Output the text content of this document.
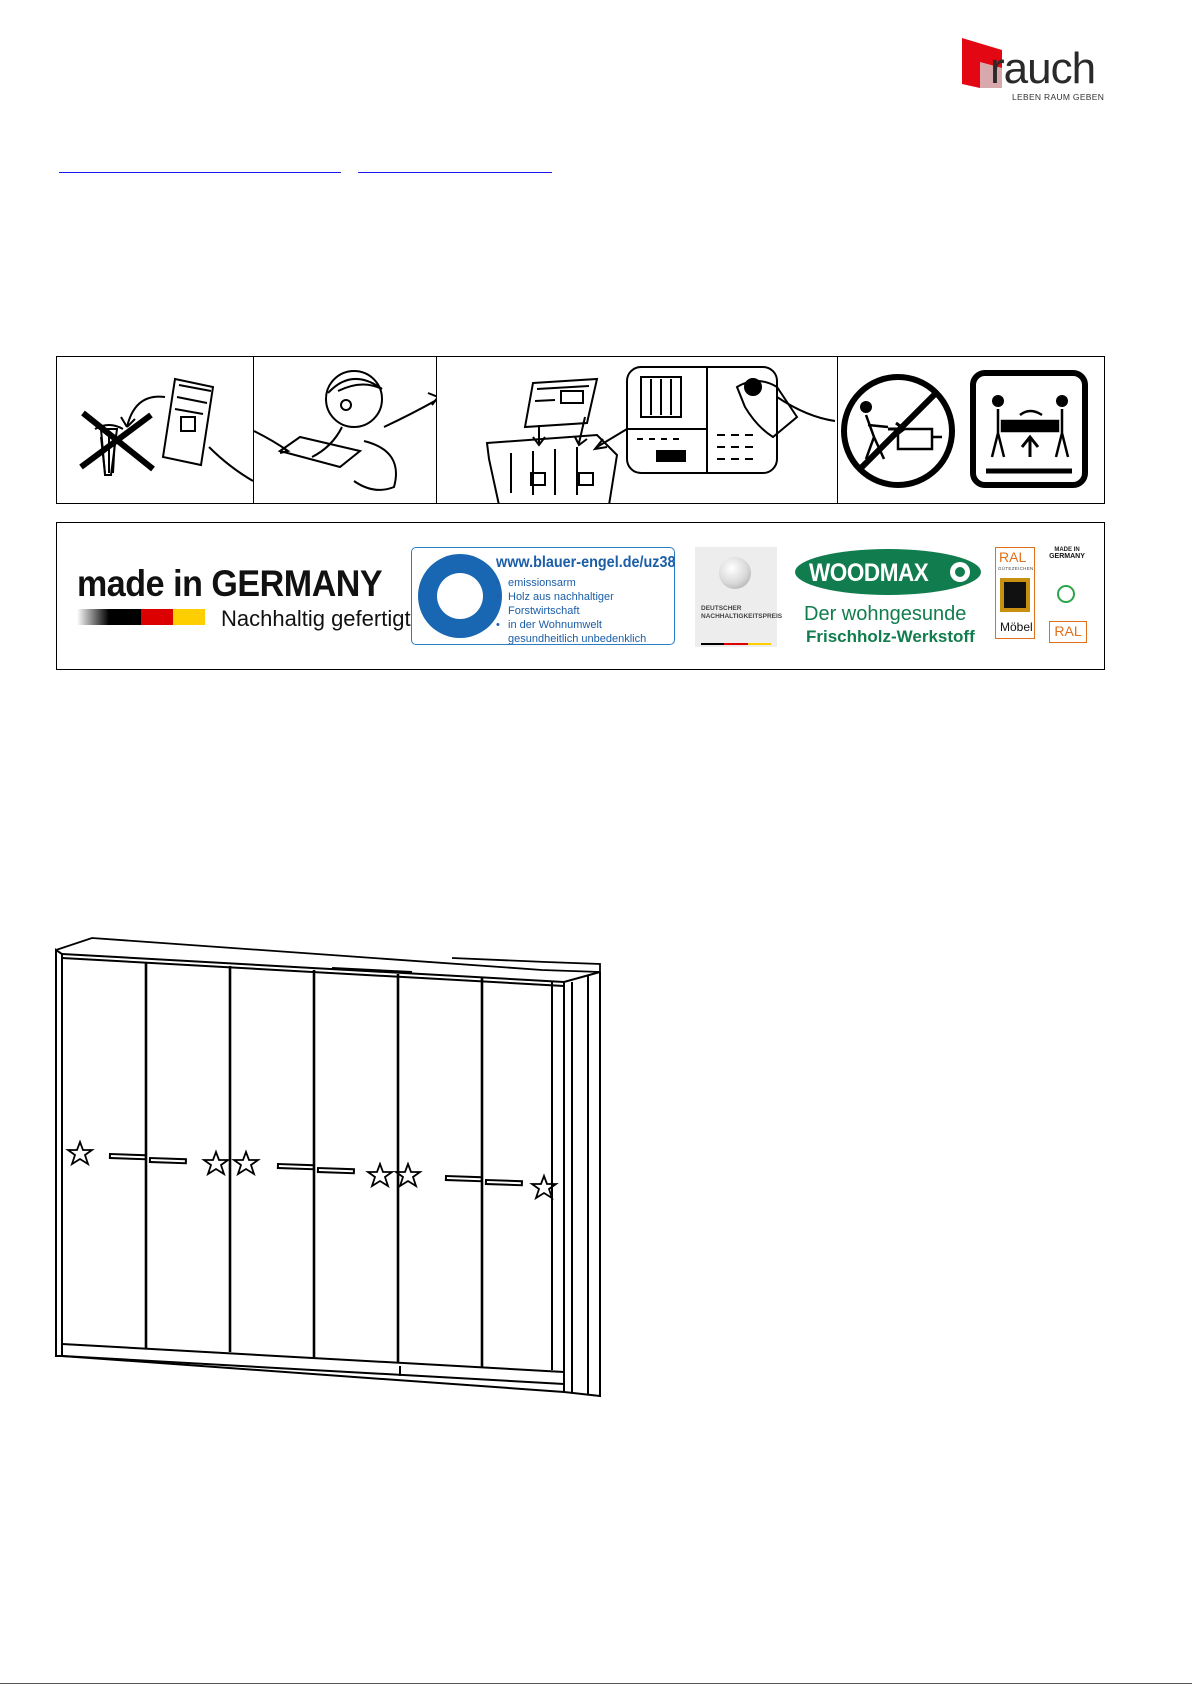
rauch
LEBEN RAUM GEBEN
made in GERMANY
Nachhaltig gefertigt
www.blauer-engel.de/uz38
• emissionsarm
• Holz aus nachhaltiger Forstwirtschaft
• in der Wohnumwelt gesundheitlich unbedenklich
DEUTSCHER NACHHALTIGKEITSPREIS
WOODMAX
Der wohngesunde
Frischholz-Werkstoff
RAL
GÜTEZEICHEN
Möbel
MADE IN
GERMANY
RAL
